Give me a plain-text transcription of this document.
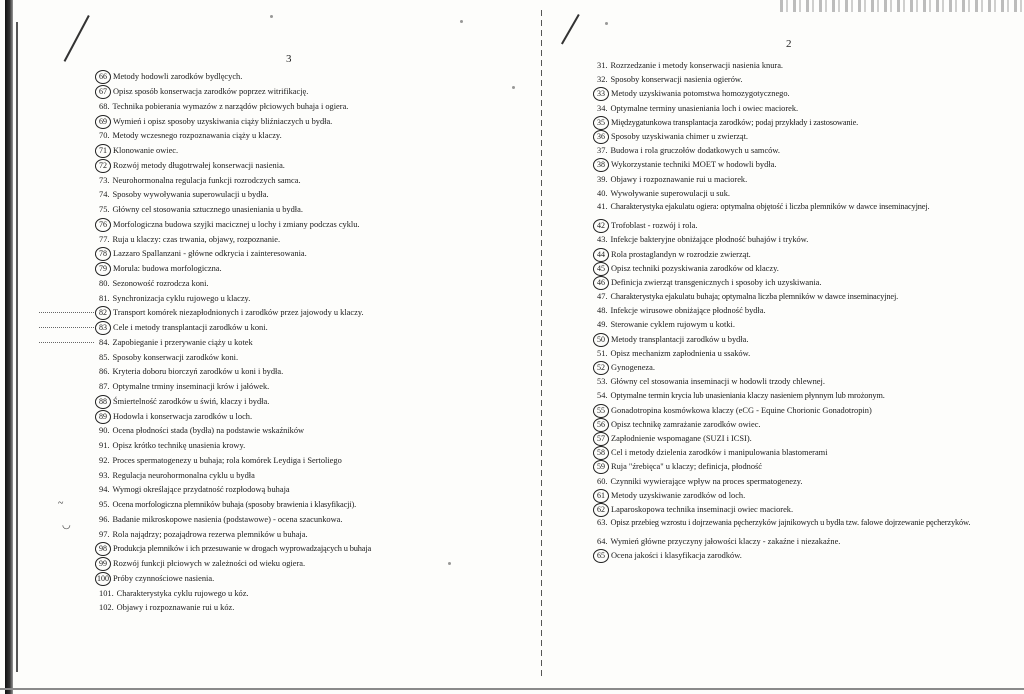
3
2
66 Metody hodowli zarodków bydlęcych.
67 Opisz sposób konserwacja zarodków poprzez witrifikację.
68. Technika pobierania wymazów z narządów płciowych buhaja i ogiera.
69 Wymień i opisz sposoby uzyskiwania ciąży bliźniaczych u bydła.
70. Metody wczesnego rozpoznawania ciąży u klaczy.
71 Klonowanie owiec.
72 Rozwój metody długotrwałej konserwacji nasienia.
73. Neurohormonalna regulacja funkcji rozrodczych samca.
74. Sposoby wywoływania superowulacji u bydła.
75. Główny cel stosowania sztucznego unasieniania u bydła.
76 Morfologiczna budowa szyjki macicznej u lochy i zmiany podczas cyklu.
77. Ruja u klaczy: czas trwania, objawy, rozpoznanie.
78 Lazzaro Spallanzani - główne odkrycia i zainteresowania.
79 Morula: budowa morfologiczna.
80. Sezonowość rozrodcza koni.
81. Synchronizacja cyklu rujowego u klaczy.
82 Transport komórek niezapłodnionych i zarodków przez jajowody u klaczy.
83 Cele i metody transplantacji zarodków u koni.
84. Zapobieganie i przerywanie ciąży u kotek
85. Sposoby konserwacji zarodków koni.
86. Kryteria doboru biorczyń zarodków u koni i bydła.
87. Optymalne trminy inseminacji krów i jałówek.
88 Śmiertelność zarodków u świń, klaczy i bydła.
89 Hodowla i konserwacja zarodków u loch.
90. Ocena płodności stada (bydła) na podstawie wskaźników
91. Opisz krótko technikę unasienia krowy.
92. Proces spermatogenezy u buhaja; rola komórek Leydiga i Sertoliego
93. Regulacja neurohormonalna cyklu u bydła
94. Wymogi określające przydatność rozpłodową buhaja
95. Ocena morfologiczna plemników buhaja (sposoby brawienia i klasyfikacji).
96. Badanie mikroskopowe nasienia (podstawowe) - ocena szacunkowa.
97. Rola najądrzy; pozajądrowa rezerwa plemników u buhaja.
98 Produkcja plemników i ich przesuwanie w drogach wyprowadzających u buhaja
99 Rozwój funkcji płciowych w zależności od wieku ogiera.
100 Próby czynnościowe nasienia.
101. Charakterystyka cyklu rujowego u kóz.
102. Objawy i rozpoznawanie rui u kóz.
31. Rozrzedzanie i metody konserwacji nasienia knura.
32. Sposoby konserwacji nasienia ogierów.
33 Metody uzyskiwania potomstwa homozygotycznego.
34. Optymalne terminy unasieniania loch i owiec maciorek.
35 Międzygatunkowa transplantacja zarodków; podaj przykłady i zastosowanie.
36 Sposoby uzyskiwania chimer u zwierząt.
37. Budowa i rola gruczołów dodatkowych u samców.
38 Wykorzystanie techniki MOET w hodowli bydła.
39. Objawy i rozpoznawanie rui u maciorek.
40. Wywoływanie superowulacji u suk.
41. Charakterystyka ejakulatu ogiera: optymalna objętość i liczba plemników w dawce inseminacyjnej.
42 Trofoblast - rozwój i rola.
43. Infekcje bakteryjne obniżające płodność buhajów i tryków.
44 Rola prostaglandyn w rozrodzie zwierząt.
45 Opisz techniki pozyskiwania zarodków od klaczy.
46 Definicja zwierząt transgenicznych i sposoby ich uzyskiwania.
47. Charakterystyka ejakulatu buhaja; optymalna liczba plemników w dawce inseminacyjnej.
48. Infekcje wirusowe obniżające płodność bydła.
49. Sterowanie cyklem rujowym u kotki.
50 Metody transplantacji zarodków u bydła.
51. Opisz mechanizm zapłodnienia u ssaków.
52 Gynogeneza.
53. Główny cel stosowania inseminacji w hodowli trzody chlewnej.
54. Optymalne termin krycia lub unasieniania klaczy nasieniem płynnym lub mrożonym.
55 Gonadotropina kosmówkowa klaczy (eCG - Equine Chorionic Gonadotropin)
56 Opisz technikę zamrażanie zarodków owiec.
57 Zapłodnienie wspomagane (SUZI i ICSI).
58 Cel i metody dzielenia zarodków i manipulowania blastomerami
59 Ruja "źrebięca" u klaczy; definicja, płodność
60. Czynniki wywierające wpływ na proces spermatogenezy.
61 Metody uzyskiwanie zarodków od loch.
62 Laparoskopowa technika inseminacji owiec maciorek.
63. Opisz przebieg wzrostu i dojrzewania pęcherzyków jajnikowych u bydła tzw. falowe dojrzewanie pęcherzyków.
64. Wymień główne przyczyny jałowości klaczy - zakaźne i niezakaźne.
65 Ocena jakości i klasyfikacja zarodków.
~
◡
